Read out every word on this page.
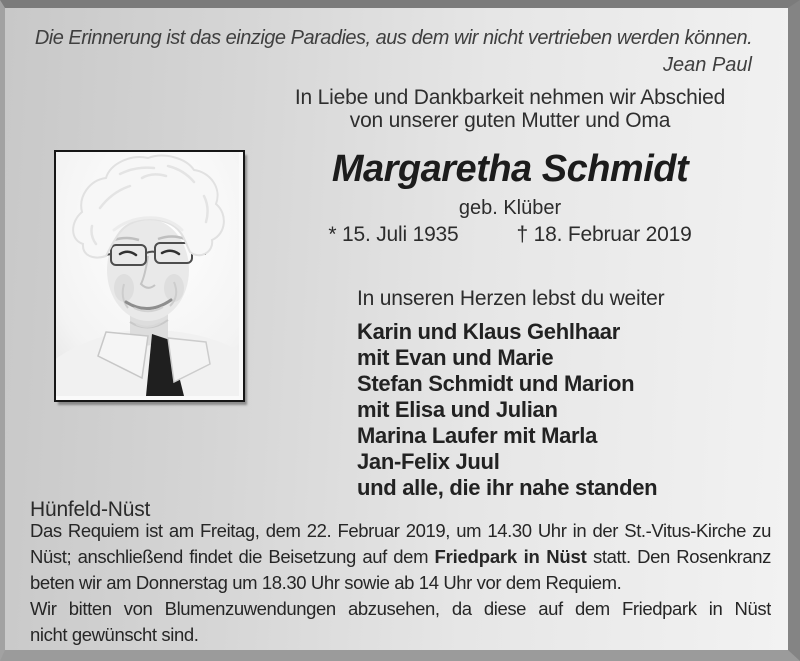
Die Erinnerung ist das einzige Paradies, aus dem wir nicht vertrieben werden können.
Jean Paul
In Liebe und Dankbarkeit nehmen wir Abschied
von unserer guten Mutter und Oma
Margaretha Schmidt
geb. Klüber
* 15. Juli 1935	† 18. Februar 2019
In unseren Herzen lebst du weiter
Karin und Klaus Gehlhaar
mit Evan und Marie
Stefan Schmidt und Marion
mit Elisa und Julian
Marina Laufer mit Marla
Jan-Felix Juul
und alle, die ihr nahe standen
Hünfeld-Nüst
Das Requiem ist am Freitag, dem 22. Februar 2019, um 14.30 Uhr in der St.-Vitus-Kirche zu
Nüst; anschließend findet die Beisetzung auf dem Friedpark in Nüst statt. Den Rosenkranz
beten wir am Donnerstag um 18.30 Uhr sowie ab 14 Uhr vor dem Requiem.
Wir bitten von Blumenzuwendungen abzusehen, da diese auf dem Friedpark in Nüst
nicht gewünscht sind.
